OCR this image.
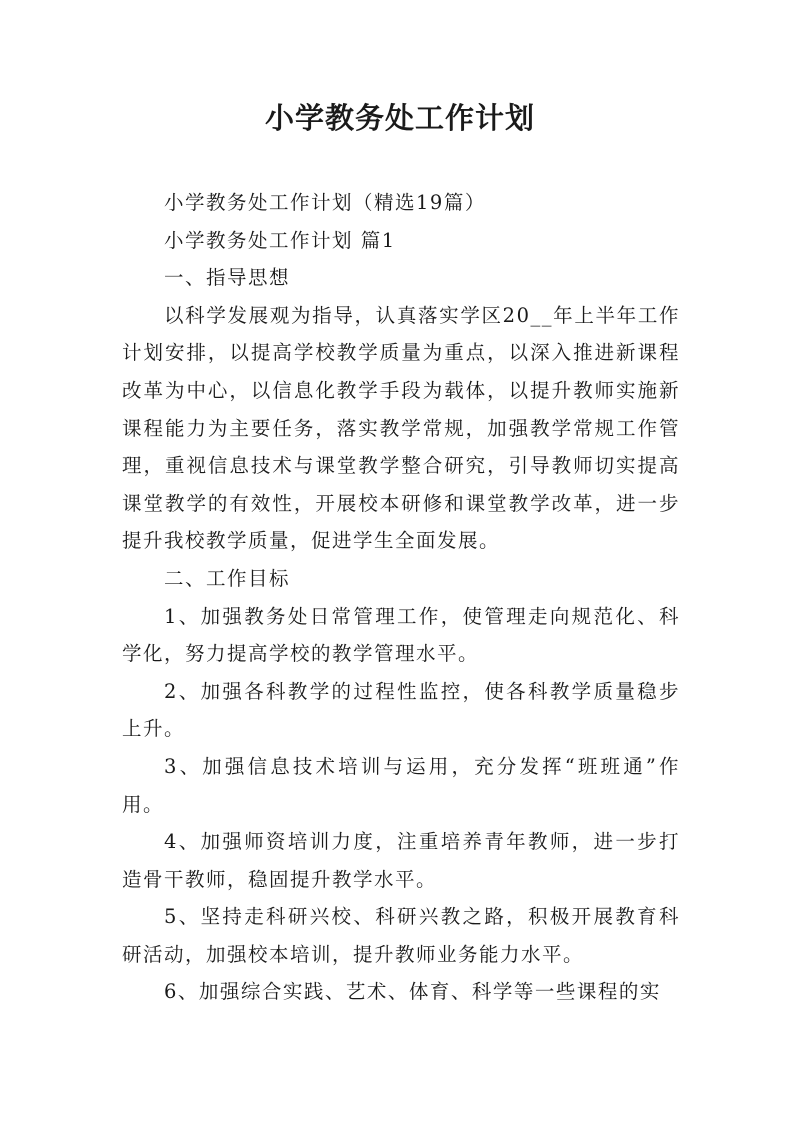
小学教务处工作计划

小学教务处工作计划（精选19篇）

小学教务处工作计划 篇1

一、指导思想

以科学发展观为指导，认真落实学区20__年上半年工作计划安排，以提高学校教学质量为重点，以深入推进新课程改革为中心，以信息化教学手段为载体，以提升教师实施新课程能力为主要任务，落实教学常规，加强教学常规工作管理，重视信息技术与课堂教学整合研究，引导教师切实提高课堂教学的有效性，开展校本研修和课堂教学改革，进一步提升我校教学质量，促进学生全面发展。

二、工作目标

1、加强教务处日常管理工作，使管理走向规范化、科学化，努力提高学校的教学管理水平。

2、加强各科教学的过程性监控，使各科教学质量稳步上升。

3、加强信息技术培训与运用，充分发挥“班班通”作用。

4、加强师资培训力度，注重培养青年教师，进一步打造骨干教师，稳固提升教学水平。

5、坚持走科研兴校、科研兴教之路，积极开展教育科研活动，加强校本培训，提升教师业务能力水平。

6、加强综合实践、艺术、体育、科学等一些课程的实
